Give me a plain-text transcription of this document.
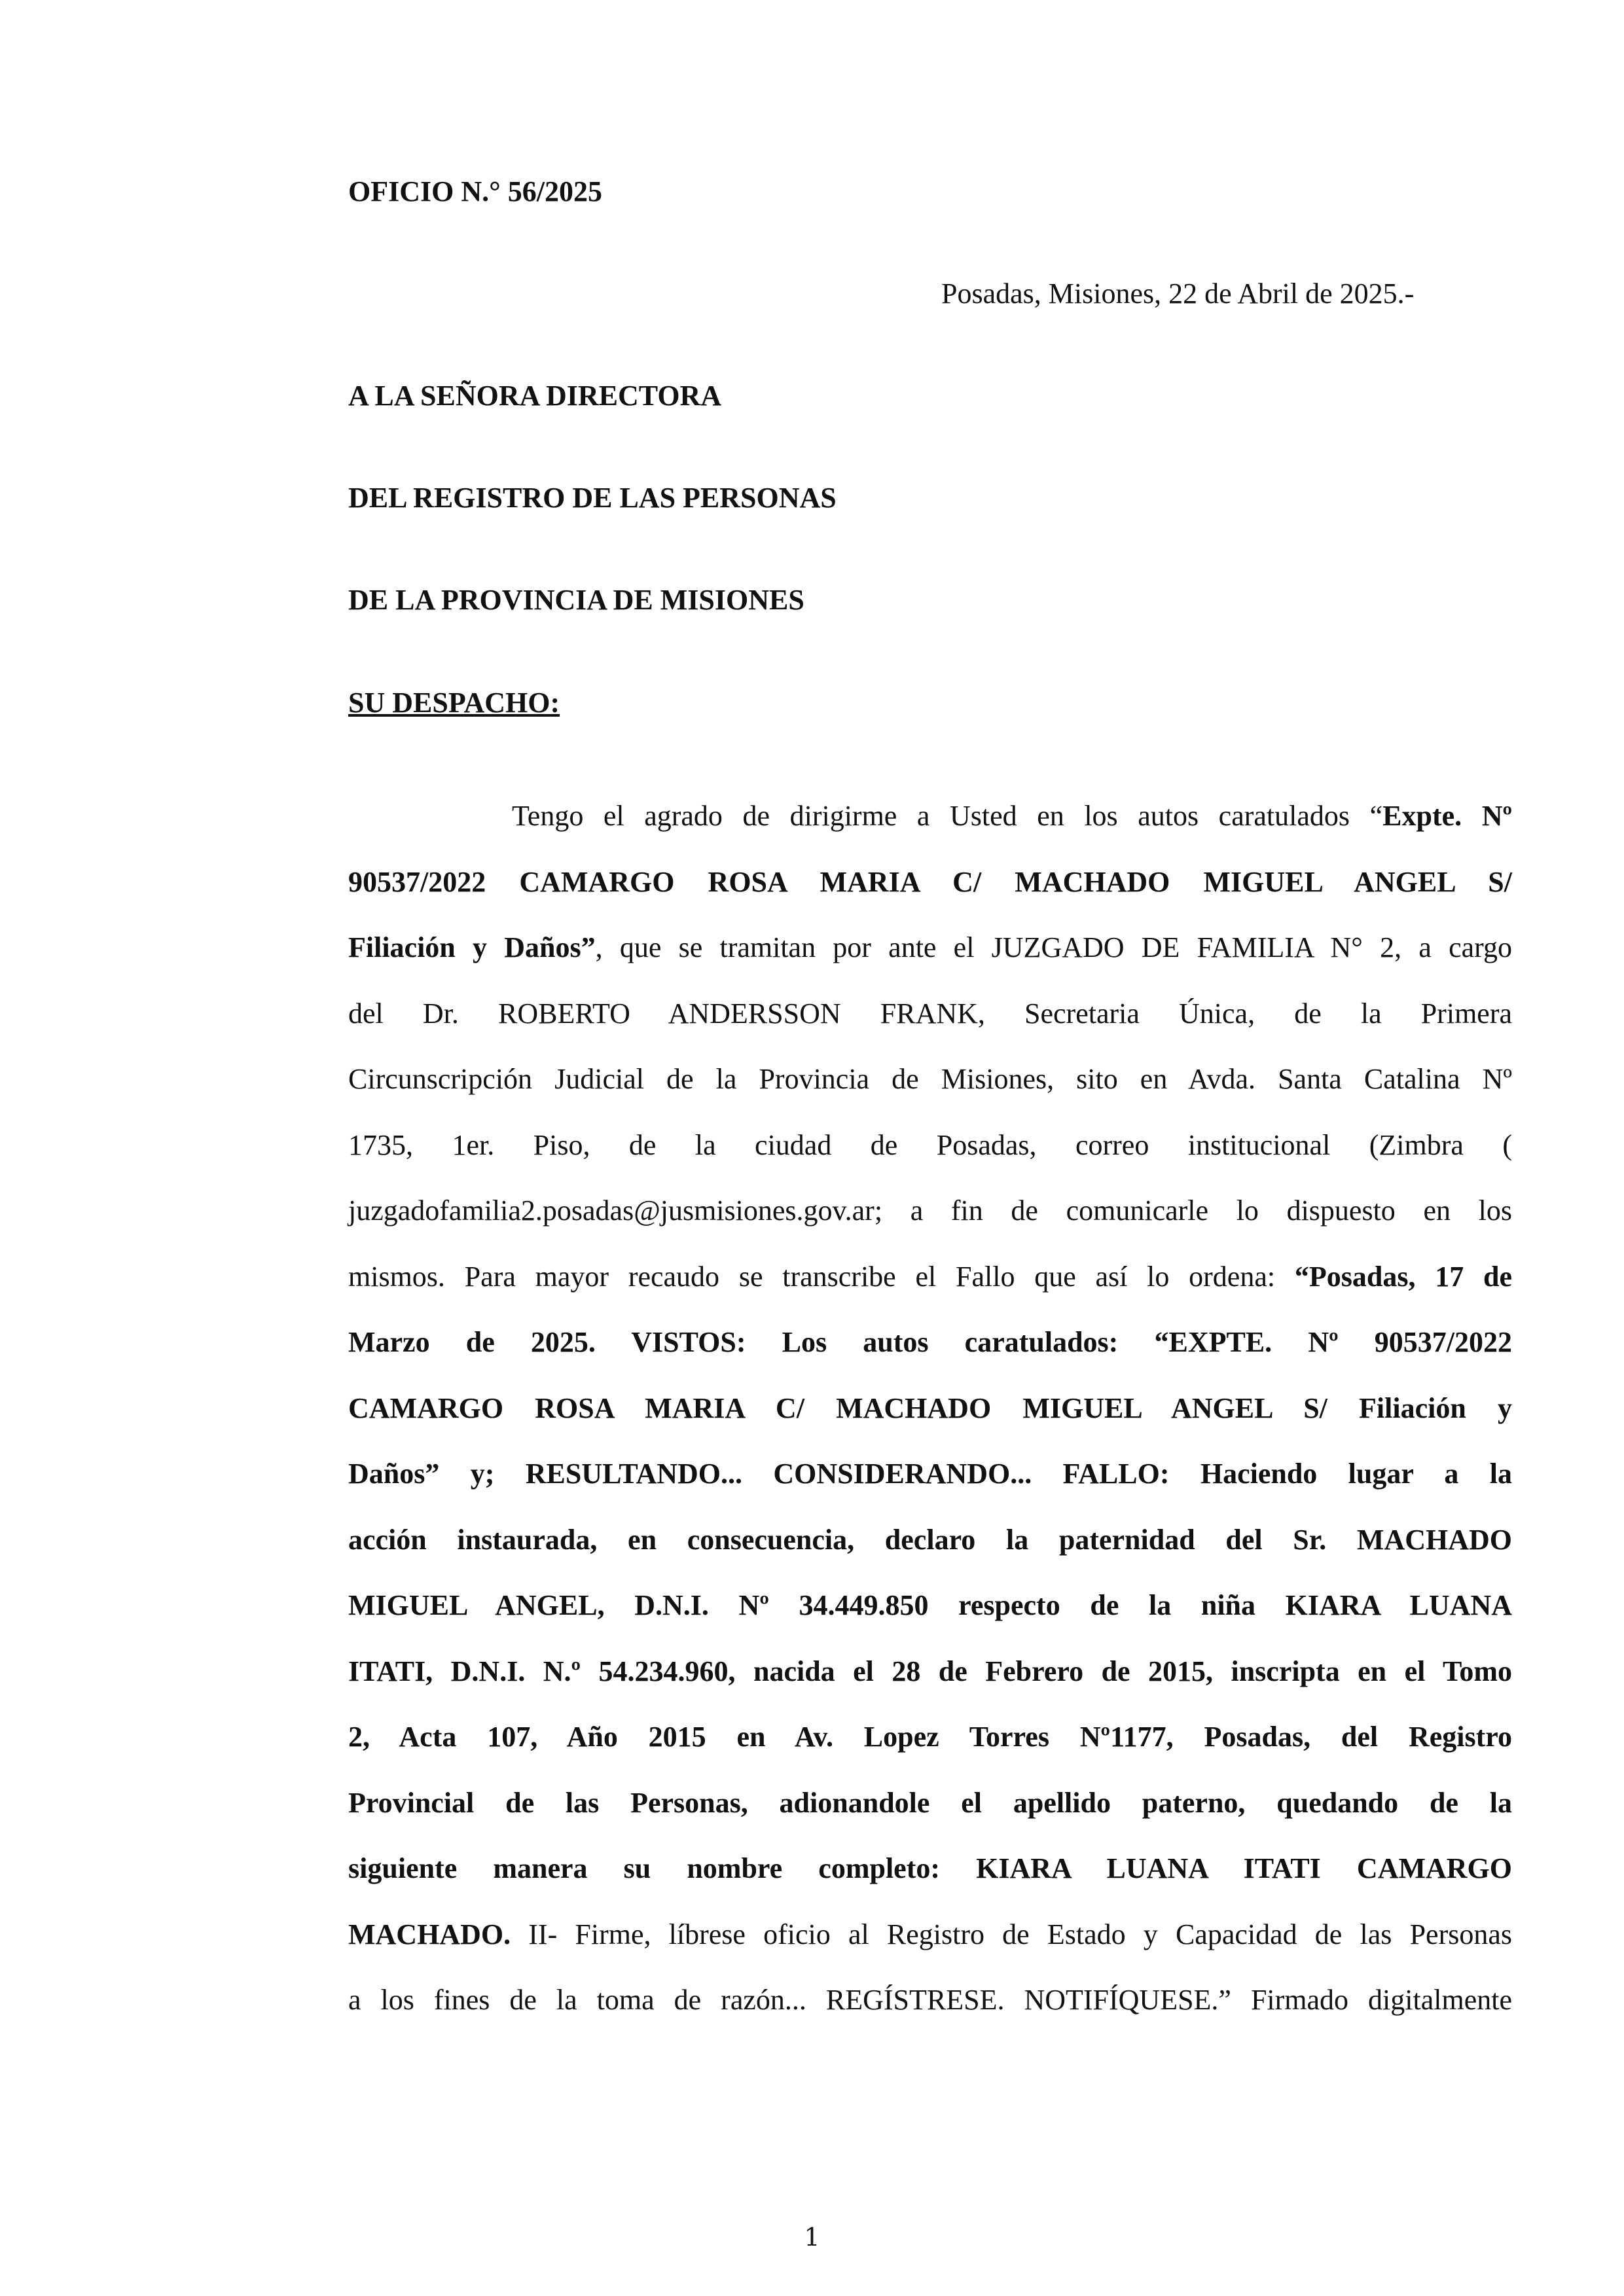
OFICIO N.° 56/2025
Posadas, Misiones, 22 de Abril de 2025.-
A LA SEÑORA DIRECTORA
DEL REGISTRO DE LAS PERSONAS
DE LA PROVINCIA DE MISIONES
SU DESPACHO:
Tengo el agrado de dirigirme a Usted en los autos caratulados “Expte. Nº
90537/2022 CAMARGO ROSA MARIA C/ MACHADO MIGUEL ANGEL S/
Filiación y Daños”, que se tramitan por ante el JUZGADO DE FAMILIA N° 2, a cargo
del Dr. ROBERTO ANDERSSON FRANK, Secretaria Única, de la Primera
Circunscripción Judicial de la Provincia de Misiones, sito en Avda. Santa Catalina Nº
1735, 1er. Piso, de la ciudad de Posadas, correo institucional (Zimbra (
juzgadofamilia2.posadas@jusmisiones.gov.ar; a fin de comunicarle lo dispuesto en los
mismos. Para mayor recaudo se transcribe el Fallo que así lo ordena: “Posadas, 17 de
Marzo de 2025. VISTOS: Los autos caratulados: “EXPTE. Nº 90537/2022
CAMARGO ROSA MARIA C/ MACHADO MIGUEL ANGEL S/ Filiación y
Daños” y; RESULTANDO... CONSIDERANDO... FALLO: Haciendo lugar a la
acción instaurada, en consecuencia, declaro la paternidad del Sr. MACHADO
MIGUEL ANGEL, D.N.I. Nº 34.449.850 respecto de la niña KIARA LUANA
ITATI, D.N.I. N.º 54.234.960, nacida el 28 de Febrero de 2015, inscripta en el Tomo
2, Acta 107, Año 2015 en Av. Lopez Torres Nº1177, Posadas, del Registro
Provincial de las Personas, adionandole el apellido paterno, quedando de la
siguiente manera su nombre completo: KIARA LUANA ITATI CAMARGO
MACHADO. II- Firme, líbrese oficio al Registro de Estado y Capacidad de las Personas
a los fines de la toma de razón... REGÍSTRESE. NOTIFÍQUESE.” Firmado digitalmente
1
